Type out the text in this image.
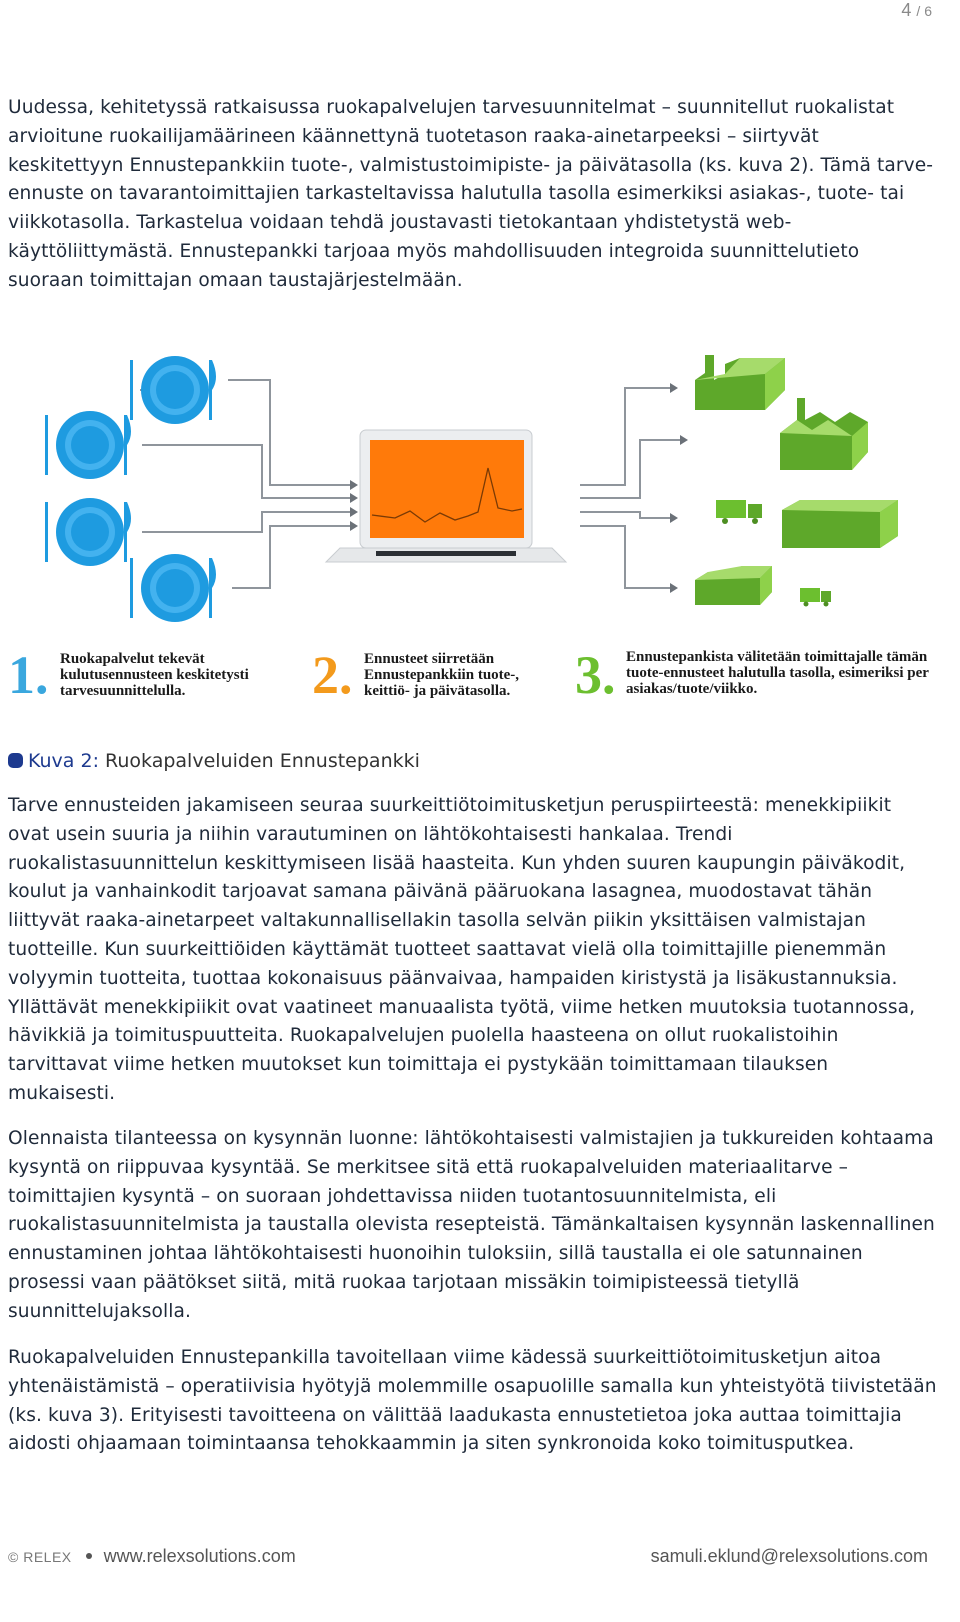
4 / 6

Uudessa, kehitetyssä ratkaisussa ruokapalvelujen tarvesuunnitelmat – suunnitellut ruokalistat arvioitune ruokailijamäärineen käännettynä tuotetason raaka-ainetarpeeksi – siirtyvät keskitettyyn Ennustepankkiin tuote-, valmistustoimipiste- ja päivätasolla (ks. kuva 2). Tämä tarve-ennuste on tavarantoimittajien tarkasteltavissa halutulla tasolla esimerkiksi asiakas-, tuote- tai viikkotasolla. Tarkastelua voidaan tehdä joustavasti tietokantaan yhdistetystä web-käyttöliittymästä. Ennustepankki tarjoaa myös mahdollisuuden integroida suunnittelutieto suoraan toimittajan omaan taustajärjestelmään.

1. Ruokapalvelut tekevät kulutusennusteen keskitetysti tarvesuunnittelulla.	2. Ennusteet siirretään Ennustepankkiin tuote-, keittiö- ja päivätasolla.	3. Ennustepankista välitetään toimittajalle tämän tuote-ennusteet halutulla tasolla, esimeriksi per asiakas/tuote/viikko.
Kuva 2: Ruokapalveluiden Ennustepankki

Tarve ennusteiden jakamiseen seuraa suurkeittiötoimitusketjun peruspiirteestä: menekkipiikit ovat usein suuria ja niihin varautuminen on lähtökohtaisesti hankalaa. Trendi ruokalistasuunnittelun keskittymiseen lisää haasteita. Kun yhden suuren kaupungin päiväkodit, koulut ja vanhainkodit tarjoavat samana päivänä pääruokana lasagnea, muodostavat tähän liittyvät raaka-ainetarpeet valtakunnallisellakin tasolla selvän piikin yksittäisen valmistajan tuotteille. Kun suurkeittiöiden käyttämät tuotteet saattavat vielä olla toimittajille pienemmän volyymin tuotteita, tuottaa kokonaisuus päänvaivaa, hampaiden kiristystä ja lisäkustannuksia. Yllättävät menekkipiikit ovat vaatineet manuaalista työtä, viime hetken muutoksia tuotannossa, hävikkiä ja toimituspuutteita. Ruokapalvelujen puolella haasteena on ollut ruokalistoihin tarvittavat viime hetken muutokset kun toimittaja ei pystykään toimittamaan tilauksen mukaisesti.

Olennaista tilanteessa on kysynnän luonne: lähtökohtaisesti valmistajien ja tukkureiden kohtaama kysyntä on riippuvaa kysyntää. Se merkitsee sitä että ruokapalveluiden materiaalitarve – toimittajien kysyntä – on suoraan johdettavissa niiden tuotantosuunnitelmista, eli ruokalistasuunnitelmista ja taustalla olevista resepteistä. Tämänkaltaisen kysynnän laskennallinen ennustaminen johtaa lähtökohtaisesti huonoihin tuloksiin, sillä taustalla ei ole satunnainen prosessi vaan päätökset siitä, mitä ruokaa tarjotaan missäkin toimipisteessä tietyllä suunnittelujaksolla.

Ruokapalveluiden Ennustepankilla tavoitellaan viime kädessä suurkeittiötoimitusketjun aitoa yhtenäistämistä – operatiivisia hyötyjä molemmille osapuolille samalla kun yhteistyötä tiivistetään (ks. kuva 3). Erityisesti tavoitteena on välittää laadukasta ennustetietoa joka auttaa toimittajia aidosti ohjaamaan toimintaansa tehokkaammin ja siten synkronoida koko toimitusputkea.

© RELEX www.relexsolutions.com	samuli.eklund@relexsolutions.com
